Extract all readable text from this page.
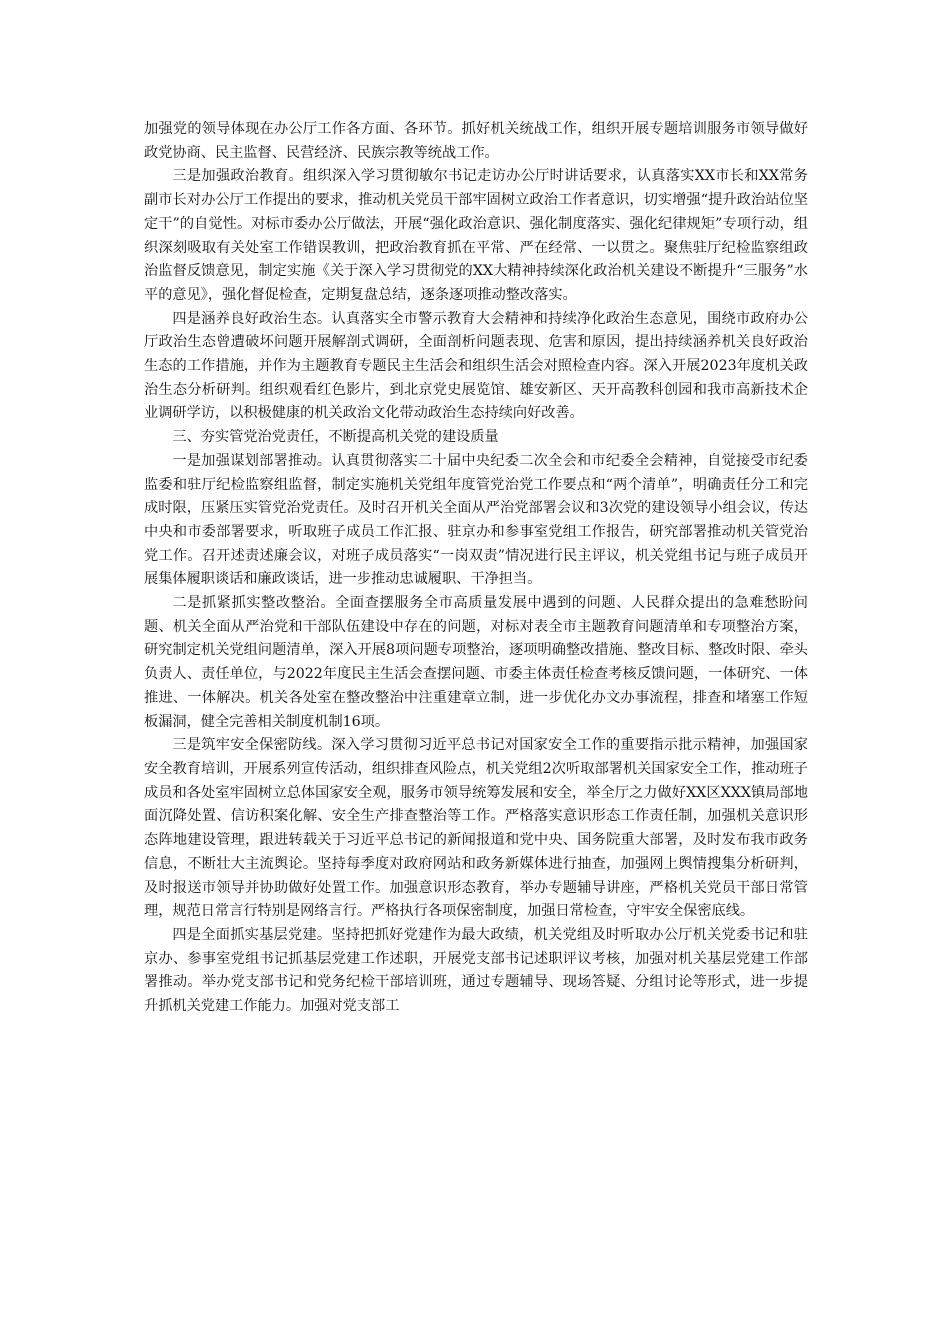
加强党的领导体现在办公厅工作各方面、各环节。抓好机关统战工作，组织开展专题培训服务市领导做好政党协商、民主监督、民营经济、民族宗教等统战工作。

三是加强政治教育。组织深入学习贯彻敏尔书记走访办公厅时讲话要求，认真落实XX市长和XX常务副市长对办公厅工作提出的要求，推动机关党员干部牢固树立政治工作者意识，切实增强“提升政治站位坚定干”的自觉性。对标市委办公厅做法，开展“强化政治意识、强化制度落实、强化纪律规矩”专项行动，组织深刻吸取有关处室工作错误教训，把政治教育抓在平常、严在经常、一以贯之。聚焦驻厅纪检监察组政治监督反馈意见，制定实施《关于深入学习贯彻党的XX大精神持续深化政治机关建设不断提升“三服务”水平的意见》，强化督促检查，定期复盘总结，逐条逐项推动整改落实。

四是涵养良好政治生态。认真落实全市警示教育大会精神和持续净化政治生态意见，围绕市政府办公厅政治生态曾遭破坏问题开展解剖式调研，全面剖析问题表现、危害和原因，提出持续涵养机关良好政治生态的工作措施，并作为主题教育专题民主生活会和组织生活会对照检查内容。深入开展2023年度机关政治生态分析研判。组织观看红色影片，到北京党史展览馆、雄安新区、天开高教科创园和我市高新技术企业调研学访，以积极健康的机关政治文化带动政治生态持续向好改善。

三、夯实管党治党责任，不断提高机关党的建设质量

一是加强谋划部署推动。认真贯彻落实二十届中央纪委二次全会和市纪委全会精神，自觉接受市纪委监委和驻厅纪检监察组监督，制定实施机关党组年度管党治党工作要点和“两个清单”，明确责任分工和完成时限，压紧压实管党治党责任。及时召开机关全面从严治党部署会议和3次党的建设领导小组会议，传达中央和市委部署要求，听取班子成员工作汇报、驻京办和参事室党组工作报告，研究部署推动机关管党治党工作。召开述责述廉会议，对班子成员落实“一岗双责”情况进行民主评议，机关党组书记与班子成员开展集体履职谈话和廉政谈话，进一步推动忠诚履职、干净担当。

二是抓紧抓实整改整治。全面查摆服务全市高质量发展中遇到的问题、人民群众提出的急难愁盼问题、机关全面从严治党和干部队伍建设中存在的问题，对标对表全市主题教育问题清单和专项整治方案，研究制定机关党组问题清单，深入开展8项问题专项整治，逐项明确整改措施、整改目标、整改时限、牵头负责人、责任单位，与2022年度民主生活会查摆问题、市委主体责任检查考核反馈问题，一体研究、一体推进、一体解决。机关各处室在整改整治中注重建章立制，进一步优化办文办事流程，排查和堵塞工作短板漏洞，健全完善相关制度机制16项。

三是筑牢安全保密防线。深入学习贯彻习近平总书记对国家安全工作的重要指示批示精神，加强国家安全教育培训，开展系列宣传活动，组织排查风险点，机关党组2次听取部署机关国家安全工作，推动班子成员和各处室牢固树立总体国家安全观，服务市领导统筹发展和安全，举全厅之力做好XX区XXX镇局部地面沉降处置、信访积案化解、安全生产排查整治等工作。严格落实意识形态工作责任制，加强机关意识形态阵地建设管理，跟进转载关于习近平总书记的新闻报道和党中央、国务院重大部署，及时发布我市政务信息，不断壮大主流舆论。坚持每季度对政府网站和政务新媒体进行抽查，加强网上舆情搜集分析研判，及时报送市领导并协助做好处置工作。加强意识形态教育，举办专题辅导讲座，严格机关党员干部日常管理，规范日常言行特别是网络言行。严格执行各项保密制度，加强日常检查，守牢安全保密底线。

四是全面抓实基层党建。坚持把抓好党建作为最大政绩，机关党组及时听取办公厅机关党委书记和驻京办、参事室党组书记抓基层党建工作述职，开展党支部书记述职评议考核，加强对机关基层党建工作部署推动。举办党支部书记和党务纪检干部培训班，通过专题辅导、现场答疑、分组讨论等形式，进一步提升抓机关党建工作能力。加强对党支部工
